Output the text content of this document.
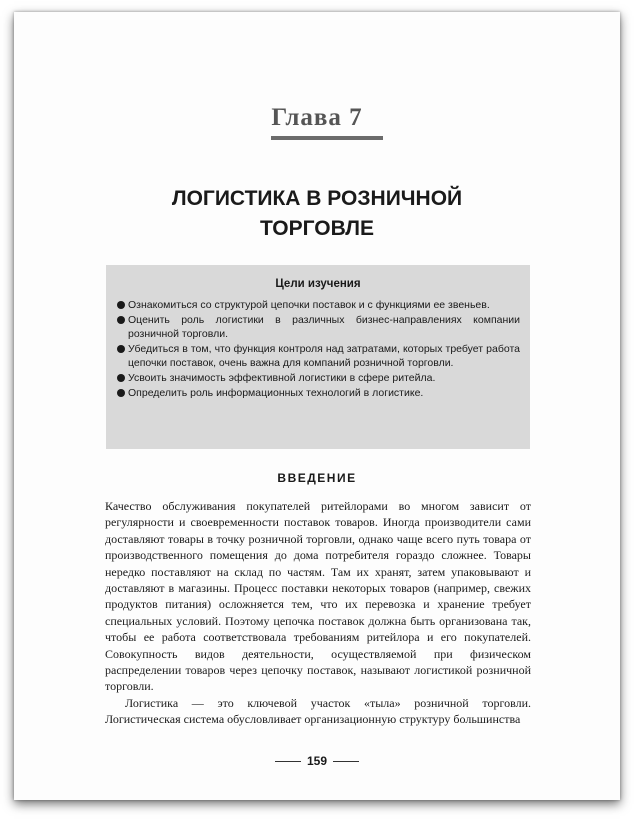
Глава 7
ЛОГИСТИКА В РОЗНИЧНОЙ
ТОРГОВЛЕ
Цели изучения
Ознакомиться со структурой цепочки поставок и с функциями ее звеньев.
Оценить роль логистики в различных бизнес-направлениях компании розничной торговли.
Убедиться в том, что функция контроля над затратами, которых требует работа цепочки поставок, очень важна для компаний розничной торговли.
Усвоить значимость эффективной логистики в сфере ритейла.
Определить роль информационных технологий в логистике.
ВВЕДЕНИЕ

Качество обслуживания покупателей ритейлорами во многом зависит от регулярности и своевременности поставок товаров. Иногда производители сами доставляют товары в точку розничной торговли, однако чаще всего путь товара от производственного помещения до дома потребителя гораздо сложнее. Товары нередко поставляют на склад по частям. Там их хранят, затем упаковывают и доставляют в магазины. Процесс поставки некоторых товаров (например, свежих продуктов питания) осложняется тем, что их перевозка и хранение требует специальных условий. Поэтому цепочка поставок должна быть организована так, чтобы ее работа соответствовала требованиям ритейлора и его покупателей. Совокупность видов деятельности, осуществляемой при физическом распределении товаров через цепочку поставок, называют логистикой розничной торговли.

Логистика — это ключевой участок «тыла» розничной торговли. Логистическая система обусловливает организационную структуру большинства

159
